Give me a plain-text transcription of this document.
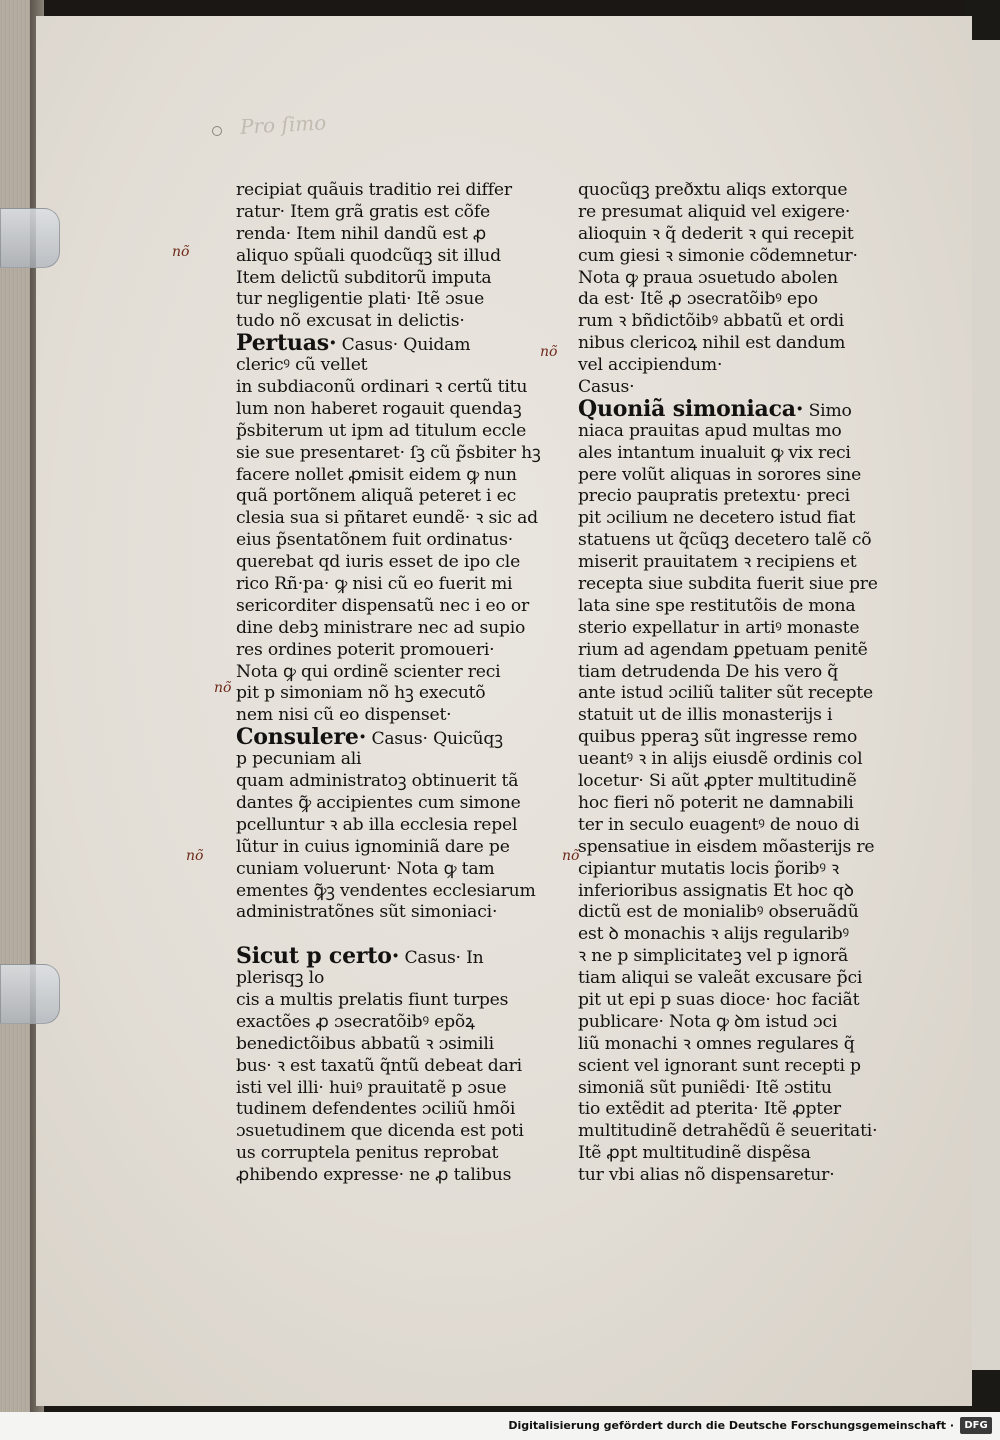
Pro ſimo
nõ
nõ
nõ
nõ	nõ
recipiat quãuis traditio rei differ
ratur· Item grã gratis est cõfe
renda· Item nihil dandũ est ꝓ
aliquo spũali quodcũqꝫ sit illud
Item delictũ subditorũ imputa
tur negligentie plati· Itẽ ɔsue
tudo nõ excusat in delictis·
Pertuas· Casus· Quidam
clericꝰ cũ vellet
in subdiaconũ ordinari ꝛ certũ titu
lum non haberet rogauit quendaꝫ
p̃sbiterum ut ipm ad titulum eccle
sie sue presentaret· ſꝫ cũ p̃sbiter hꝫ
facere nollet ꝓmisit eidem ꝙ nun
quã portõnem aliquã peteret i ec
clesia sua si pñtaret eundẽ· ꝛ sic ad
eius p̃sentatõnem fuit ordinatus·
querebat qd iuris esset de ipo cle
rico Rñ·pa· ꝙ nisi cũ eo fuerit mi
sericorditer dispensatũ nec i eo or
dine debꝫ ministrare nec ad supio
res ordines poterit promoueri·
Nota ꝙ qui ordinẽ scienter reci
pit p simoniam nõ hꝫ executõ
nem nisi cũ eo dispenset·
Consulere· Casus· Quicũqꝫ
p pecuniam ali
quam administratoꝫ obtinuerit tã
dantes ꝙ̃ accipientes cum simone
pcelluntur ꝛ ab illa ecclesia repel
lũtur in cuius ignominiã dare pe
cuniam voluerunt· Nota ꝙ tam
ementes ꝙ̃ꝫ vendentes ecclesiarum
administratõnes sũt simoniaci·
Sicut p certo· Casus· In
plerisqꝫ lo
cis a multis prelatis fiunt turpes
exactões ꝓ ɔsecratõibꝰ epõꝝ
benedictõibus abbatũ ꝛ ɔsimili
bus· ꝛ est taxatũ q̃ntũ debeat dari
isti vel illi· huiꝰ prauitatẽ p ɔsue
tudinem defendentes ɔciliũ hmõi
ɔsuetudinem que dicenda est poti
us corruptela penitus reprobat
ꝓhibendo expresse· ne ꝓ talibus
quocũqꝫ preðxtu aliqs extorque
re presumat aliquid vel exigere·
alioquin ꝛ q̃ dederit ꝛ qui recepit
cum giesi ꝛ simonie cõdemnetur·
Nota ꝙ praua ɔsuetudo abolen
da est· Itẽ ꝓ ɔsecratõibꝰ epo
rum ꝛ bñdictõibꝰ abbatũ et ordi
nibus clericoꝝ nihil est dandum
vel accipiendum·
Casus·
Quoniã simoniaca· Simo
niaca prauitas apud multas mo
ales intantum inualuit ꝙ vix reci
pere volũt aliquas in sorores sine
precio paupratis pretextu· preci
pit ɔcilium ne decetero istud fiat
statuens ut q̃cũqꝫ decetero talẽ cõ
miserit prauitatem ꝛ recipiens et
recepta siue subdita fuerit siue pre
lata sine spe restitutõis de mona
sterio expellatur in artiꝰ monaste
rium ad agendam ꝑpetuam penitẽ
tiam detrudenda De his vero q̃
ante istud ɔciliũ taliter sũt recepte
statuit ut de illis monasterijs i
quibus pperaꝫ sũt ingresse remo
ueantꝰ ꝛ in alijs eiusdẽ ordinis col
locetur· Si aũt ꝓpter multitudinẽ
hoc fieri nõ poterit ne damnabili
ter in seculo euagentꝰ de nouo di
spensatiue in eisdem mõasterijs re
cipiantur mutatis locis p̃oribꝰ ꝛ
inferioribus assignatis Et hoc qꝺ
dictũ est de monialibꝰ obseruãdũ
est ꝺ monachis ꝛ alijs regularibꝰ
ꝛ ne p simplicitateꝫ vel p ignorã
tiam aliqui se valeãt excusare p̃ci
pit ut epi p suas dioce· hoc faciãt
publicare· Nota ꝙ ꝺm istud ɔci
liũ monachi ꝛ omnes regulares q̃
scient vel ignorant sunt recepti p
simoniã sũt puniẽdi· Itẽ ɔstitu
tio extẽdit ad pterita· Itẽ ꝓpter
multitudinẽ detrahẽdũ ẽ seueritati·
Itẽ ꝓpt multitudinẽ dispẽsa
tur vbi alias nõ dispensaretur·
Digitalisierung gefördert durch die Deutsche Forschungsgemeinschaft ·	DFG
